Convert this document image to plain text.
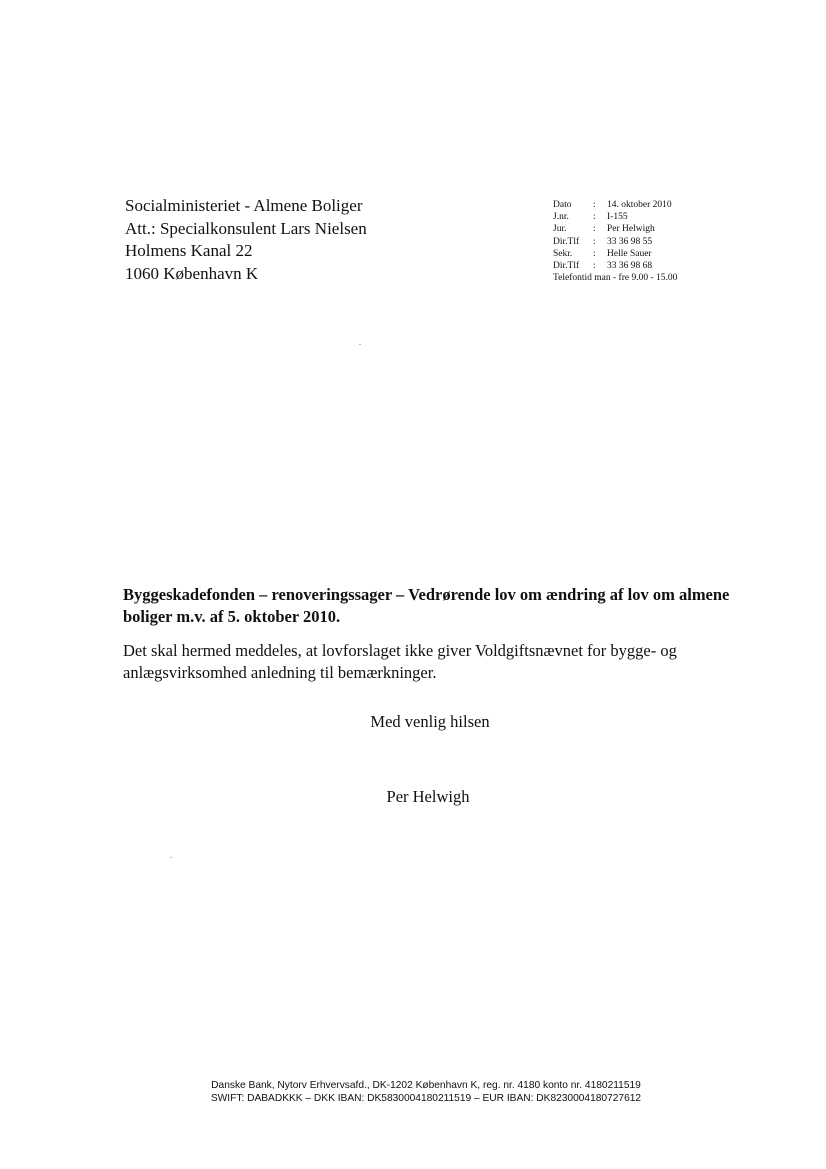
Socialministeriet - Almene Boliger
Att.: Specialkonsulent Lars Nielsen
Holmens Kanal 22
1060 København K
Dato	:	14. oktober 2010
J.nr.	:	I-155
Jur.	:	Per Helwigh
Dir.Tlf	:	33 36 98 55
Sekr.	:	Helle Sauer
Dir.Tlf	:	33 36 98 68
Telefontid man - fre 9.00 - 15.00
Byggeskadefonden – renoveringssager – Vedrørende lov om ændring af lov om almene boliger m.v. af 5. oktober 2010.
Det skal hermed meddeles, at lovforslaget ikke giver Voldgiftsnævnet for bygge- og anlægsvirksomhed anledning til bemærkninger.
Med venlig hilsen
Per Helwigh
Danske Bank, Nytorv Erhvervsafd., DK-1202 København K, reg. nr. 4180 konto nr. 4180211519
SWIFT: DABADKKK – DKK IBAN: DK5830004180211519 – EUR IBAN: DK8230004180727612
